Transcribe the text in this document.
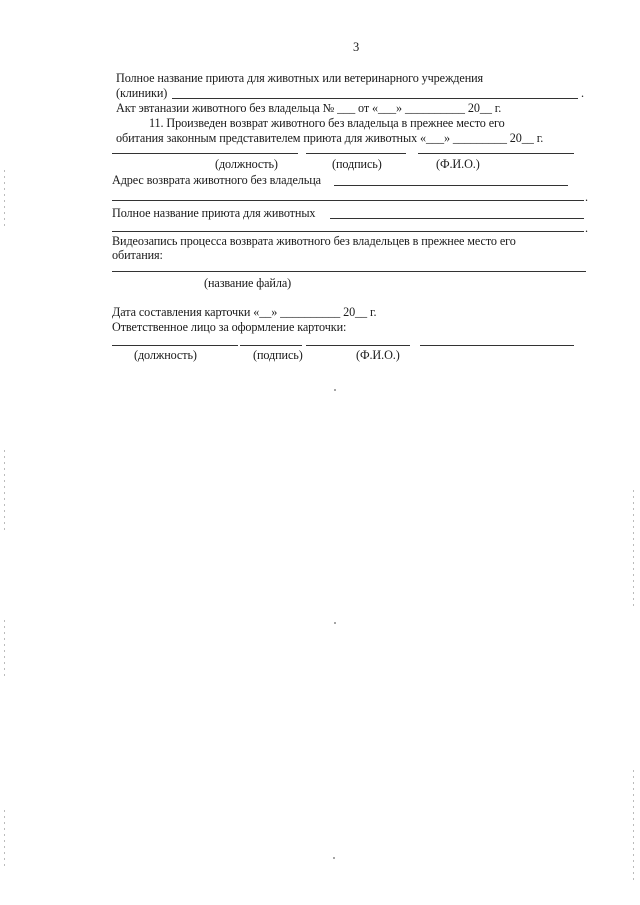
3
Полное название приюта для животных или ветеринарного учреждения
(клиники)	.
Акт эвтаназии животного без владельца № ___ от «___» __________ 20__ г.
11. Произведен возврат животного без владельца в прежнее место его
обитания законным представителем приюта для животных «___» _________ 20__ г.
(должность)	(подпись)	(Ф.И.О.)
Адрес возврата животного без владельца
.
Полное название приюта для животных
.
Видеозапись процесса возврата животного без владельцев в прежнее место его
обитания:
(название файла)
Дата составления карточки «__» __________ 20__ г.
Ответственное лицо за оформление карточки:
(должность)	(подпись)	(Ф.И.О.)
